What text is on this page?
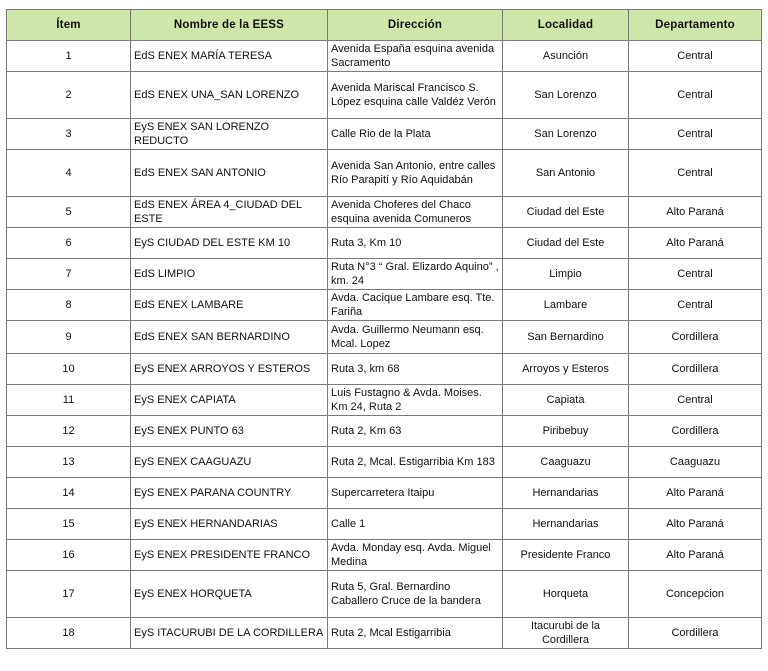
Ítem	Nombre de la EESS	Dirección	Localidad	Departamento
1	EdS ENEX MARÍA TERESA	Avenida España esquina avenida Sacramento	Asunción	Central
2	EdS ENEX UNA_SAN LORENZO	Avenida Mariscal Francisco S. López esquina calle Valdéz Verón	San Lorenzo	Central
3	EyS ENEX SAN LORENZO REDUCTO	Calle Rio de la Plata	San Lorenzo	Central
4	EdS ENEX SAN ANTONIO	Avenida San Antonio, entre calles Río Parapití y Río Aquidabán	San Antonio	Central
5	EdS ENEX ÁREA 4_CIUDAD DEL ESTE	Avenida Choferes del Chaco esquina avenida Comuneros	Ciudad del Este	Alto Paraná
6	EyS CIUDAD DEL ESTE KM 10	Ruta 3, Km 10	Ciudad del Este	Alto Paraná
7	EdS LIMPIO	Ruta N°3 “ Gral. Elizardo Aquino” , km. 24	Limpio	Central
8	EdS ENEX LAMBARE	Avda. Cacique Lambare esq. Tte. Fariña	Lambare	Central
9	EdS ENEX SAN BERNARDINO	Avda. Guillermo Neumann esq. Mcal. Lopez	San Bernardino	Cordillera
10	EyS ENEX ARROYOS Y ESTEROS	Ruta 3, km 68	Arroyos y Esteros	Cordillera
11	EyS ENEX CAPIATA	Luis Fustagno & Avda. Moises. Km 24, Ruta 2	Capiata	Central
12	EyS ENEX PUNTO 63	Ruta 2, Km 63	Piribebuy	Cordillera
13	EyS ENEX CAAGUAZU	Ruta 2, Mcal. Estigarribia Km 183	Caaguazu	Caaguazu
14	EyS ENEX PARANA COUNTRY	Supercarretera Itaipu	Hernandarias	Alto Paraná
15	EyS ENEX HERNANDARIAS	Calle 1	Hernandarias	Alto Paraná
16	EyS ENEX PRESIDENTE FRANCO	Avda. Monday esq. Avda. Miguel Medina	Presidente Franco	Alto Paraná
17	EyS ENEX HORQUETA	Ruta 5, Gral. Bernardino Caballero Cruce de la bandera	Horqueta	Concepcion
18	EyS ITACURUBI DE LA CORDILLERA	Ruta 2, Mcal Estigarribia	Itacurubi de la Cordillera	Cordillera
